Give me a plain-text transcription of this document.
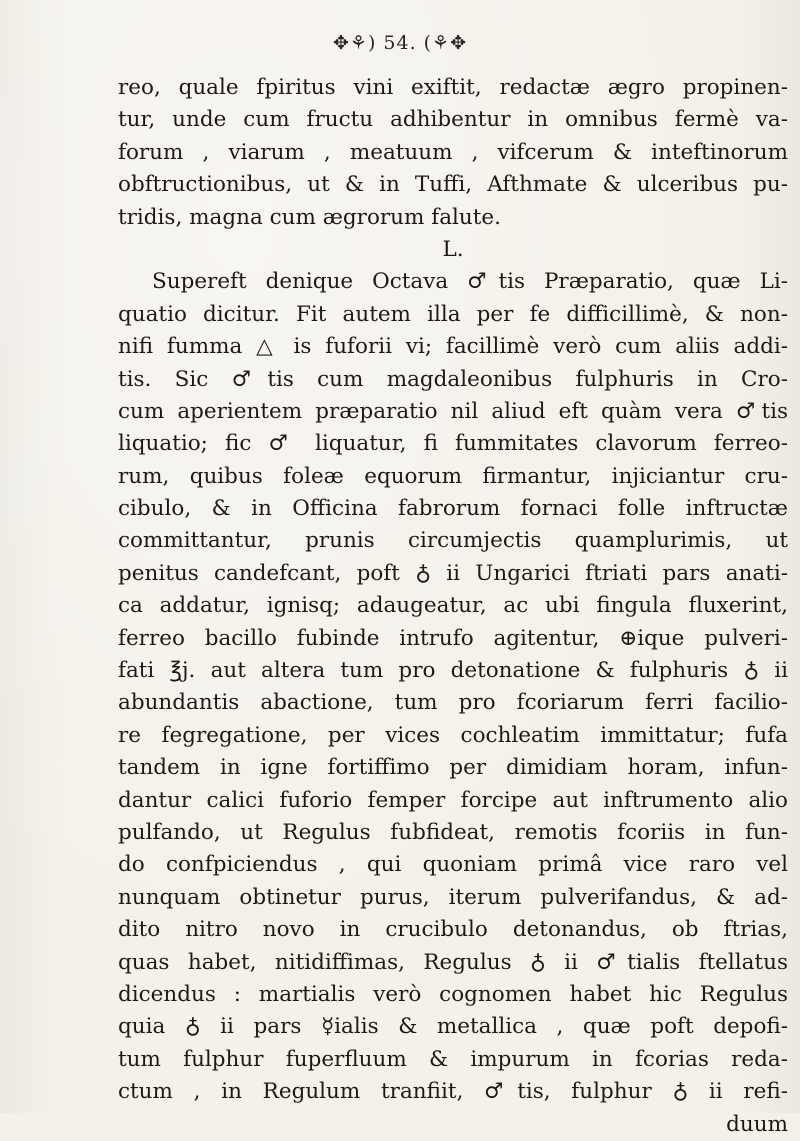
✥⚘) 54. (⚘✥
reo, quale fpiritus vini exiftit, redactæ ægro propinen-
tur, unde cum fructu adhibentur in omnibus fermè va-
forum , viarum , meatuum , vifcerum & inteftinorum
obftructionibus, ut & in Tuffi, Afthmate & ulceribus pu-
tridis, magna cum ægrorum falute.
L.
Supereft denique Octava ♂tis Præparatio, quæ Li-
quatio dicitur. Fit autem illa per fe difficillimè, & non-
nifi fumma △ is fuforii vi; facillimè verò cum aliis addi-
tis. Sic ♂tis cum magdaleonibus fulphuris in Cro-
cum aperientem præparatio nil aliud eft quàm vera ♂tis
liquatio; fic ♂ liquatur, fi fummitates clavorum ferreo-
rum, quibus foleæ equorum firmantur, injiciantur cru-
cibulo, & in Officina fabrorum fornaci folle inftructæ
committantur, prunis circumjectis quamplurimis, ut
penitus candefcant, poft ♁ ii Ungarici ftriati pars anati-
ca addatur, ignisq; adaugeatur, ac ubi fingula fluxerint,
ferreo bacillo fubinde intrufo agitentur, ⊕ique pulveri-
fati ℥j. aut altera tum pro detonatione & fulphuris ♁ ii
abundantis abactione, tum pro fcoriarum ferri facilio-
re fegregatione, per vices cochleatim immittatur; fufa
tandem in igne fortiffimo per dimidiam horam, infun-
dantur calici fuforio femper forcipe aut inftrumento alio
pulfando, ut Regulus fubfideat, remotis fcoriis in fun-
do confpiciendus , qui quoniam primâ vice raro vel
nunquam obtinetur purus, iterum pulverifandus, & ad-
dito nitro novo in crucibulo detonandus, ob ftrias,
quas habet, nitidiffimas, Regulus ♁ ii ♂tialis ftellatus
dicendus : martialis verò cognomen habet hic Regulus
quia ♁ ii pars ☿ialis & metallica , quæ poft depofi-
tum fulphur fuperfluum & impurum in fcorias reda-
ctum , in Regulum tranfiit, ♂tis, fulphur ♁ ii refi-
duum
